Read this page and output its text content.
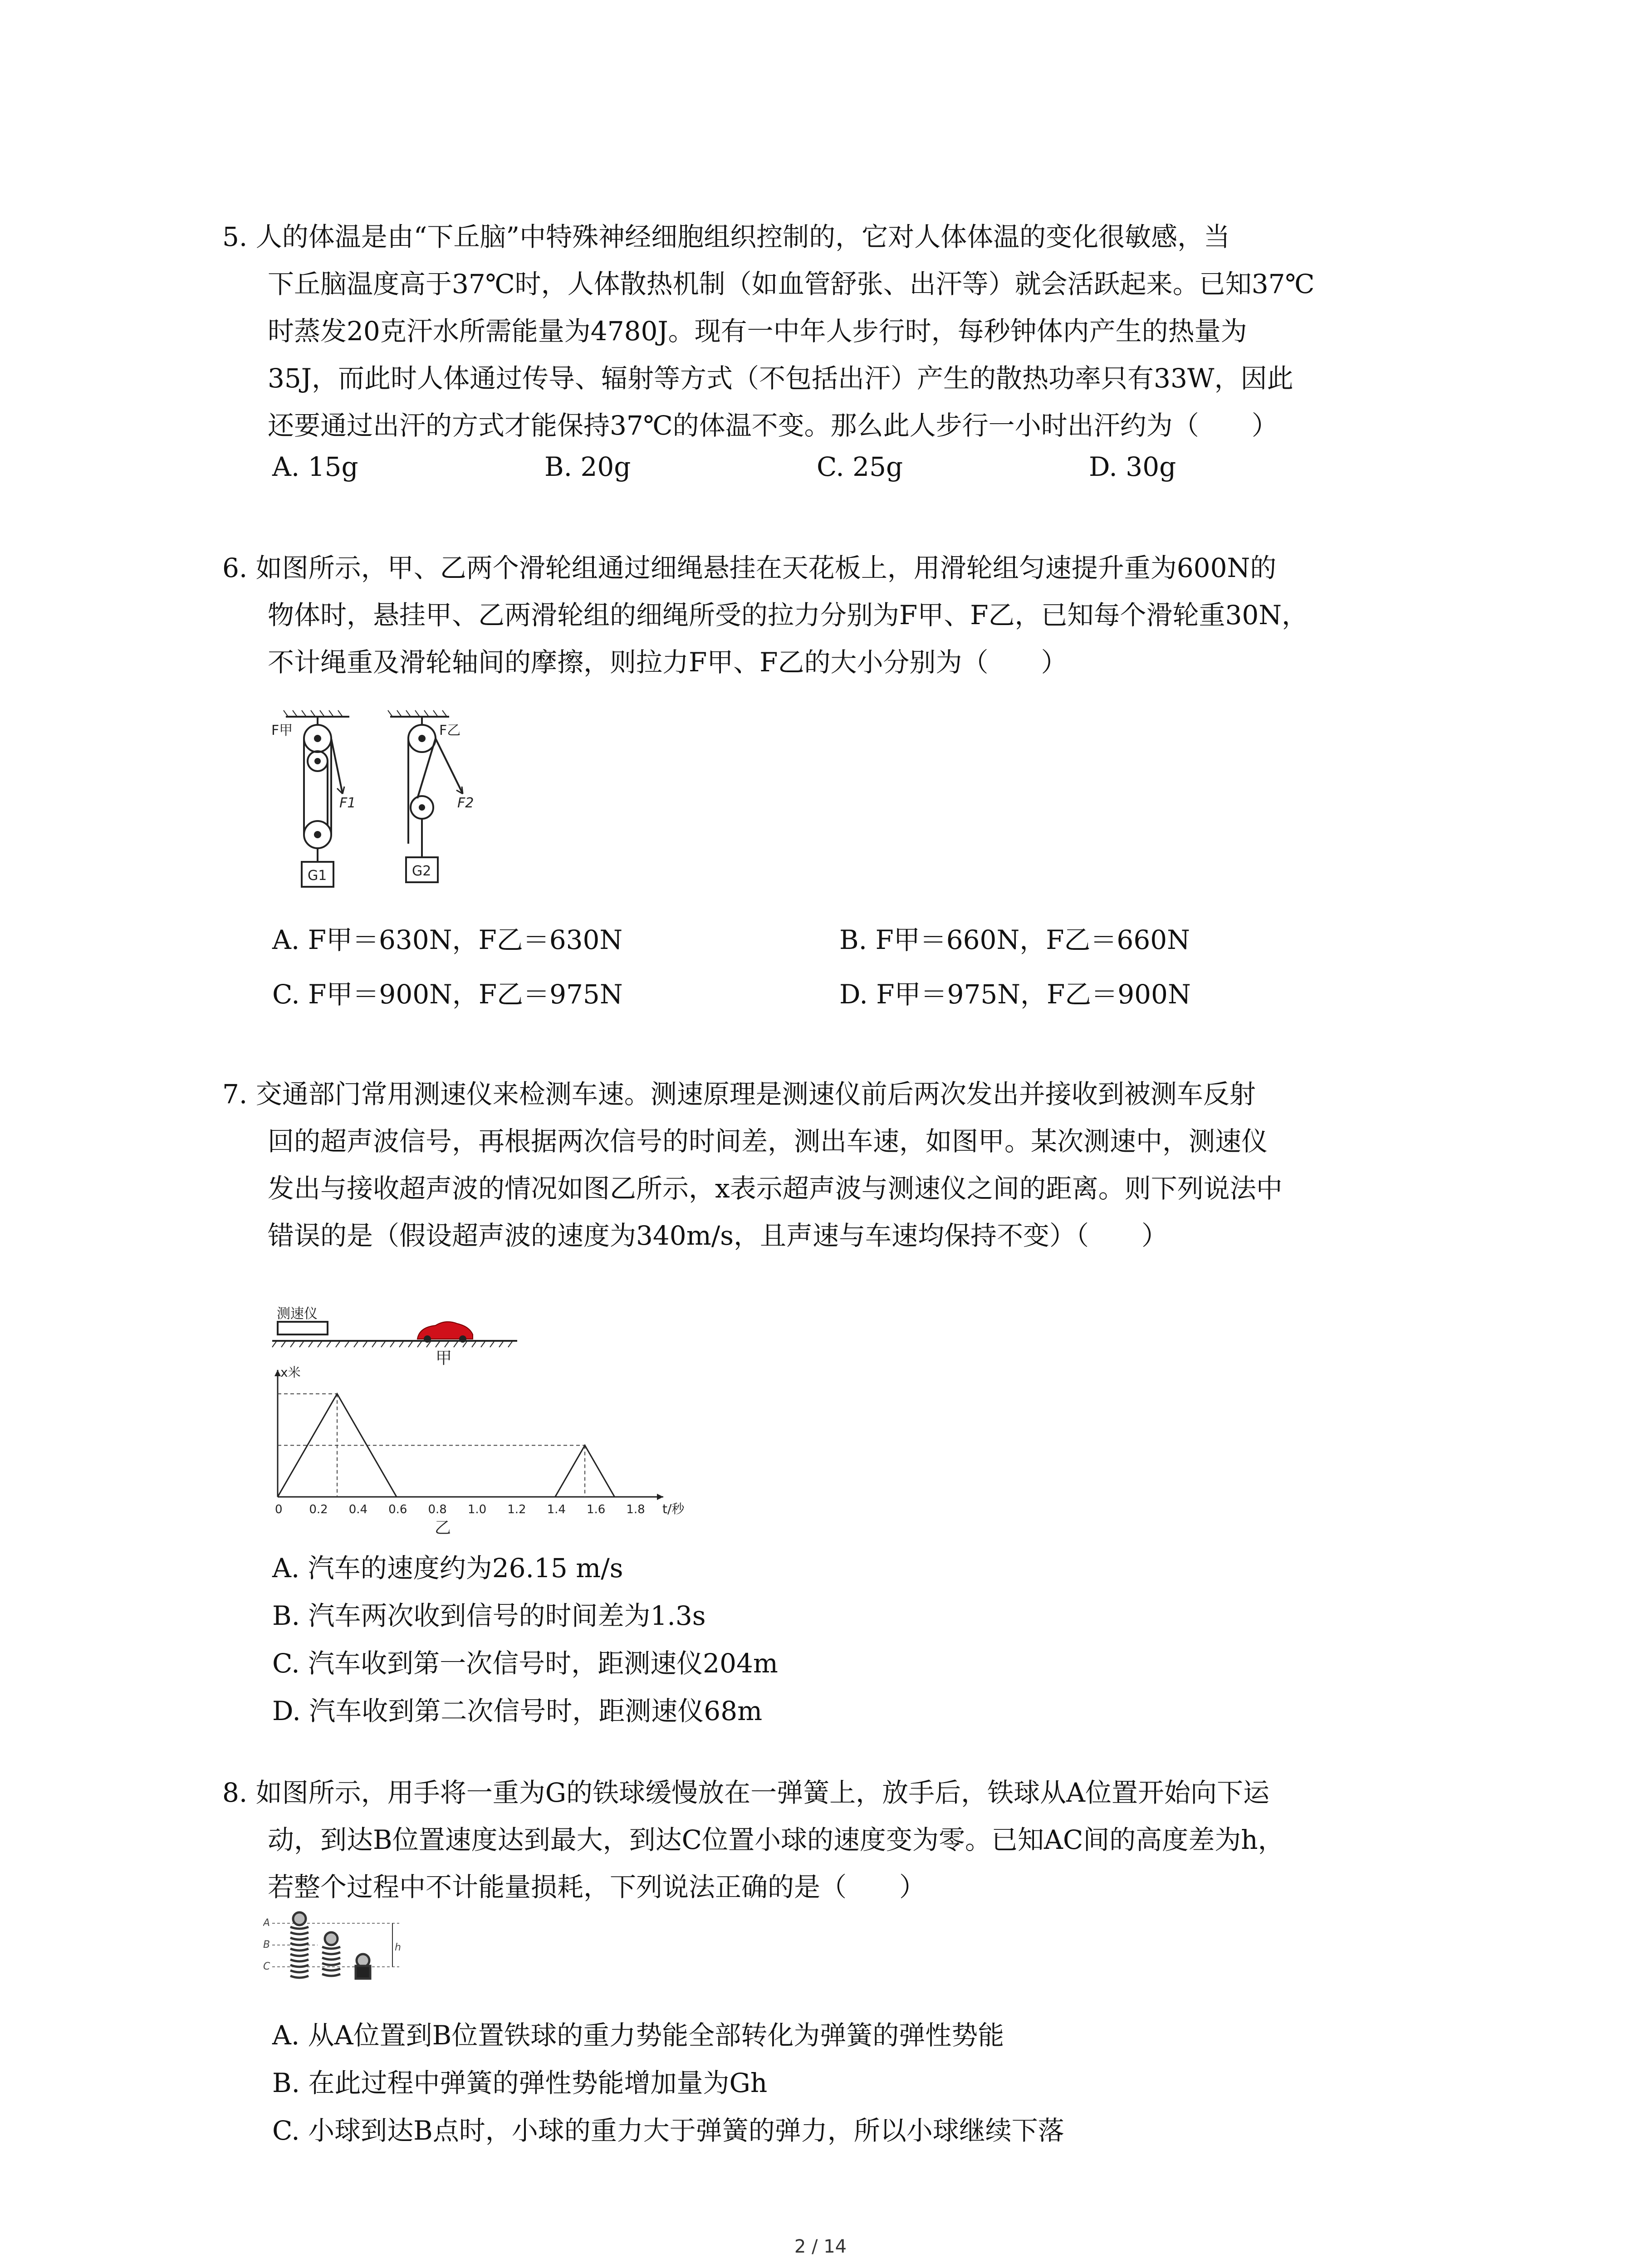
5. 人的体温是由“下丘脑”中特殊神经细胞组织控制的，它对人体体温的变化很敏感，当
下丘脑温度高于37℃时，人体散热机制（如血管舒张、出汗等）就会活跃起来。已知37℃
时蒸发20克汗水所需能量为4780J。现有一中年人步行时，每秒钟体内产生的热量为
35J，而此时人体通过传导、辐射等方式（不包括出汗）产生的散热功率只有33W，因此
还要通过出汗的方式才能保持37℃的体温不变。那么此人步行一小时出汗约为（　　）
A. 15g	B. 20g	C. 25g	D. 30g
6. 如图所示，甲、乙两个滑轮组通过细绳悬挂在天花板上，用滑轮组匀速提升重为600N的
物体时，悬挂甲、乙两滑轮组的细绳所受的拉力分别为F甲、F乙，已知每个滑轮重30N，
不计绳重及滑轮轴间的摩擦，则拉力F甲、F乙的大小分别为（　　）
F甲
F1
G1
F乙
F2
G2
A. F甲＝630N，F乙＝630N	B. F甲＝660N，F乙＝660N
C. F甲＝900N，F乙＝975N	D. F甲＝975N，F乙＝900N
7. 交通部门常用测速仪来检测车速。测速原理是测速仪前后两次发出并接收到被测车反射
回的超声波信号，再根据两次信号的时间差，测出车速，如图甲。某次测速中，测速仪
发出与接收超声波的情况如图乙所示，x表示超声波与测速仪之间的距离。则下列说法中
错误的是（假设超声波的速度为340m/s，且声速与车速均保持不变）（　　）
测速仪
甲
0 0.2 0.4 0.6 0.8 1.0 1.2 1.4 1.6 1.8
x米
t/秒
乙
A. 汽车的速度约为26.15 m/s
B. 汽车两次收到信号的时间差为1.3s
C. 汽车收到第一次信号时，距测速仪204m
D. 汽车收到第二次信号时，距测速仪68m
8. 如图所示，用手将一重为G的铁球缓慢放在一弹簧上，放手后，铁球从A位置开始向下运
动，到达B位置速度达到最大，到达C位置小球的速度变为零。已知AC间的高度差为h，
若整个过程中不计能量损耗，下列说法正确的是（　　）
A
B
C
h
A. 从A位置到B位置铁球的重力势能全部转化为弹簧的弹性势能
B. 在此过程中弹簧的弹性势能增加量为Gh
C. 小球到达B点时，小球的重力大于弹簧的弹力，所以小球继续下落
2 / 14
